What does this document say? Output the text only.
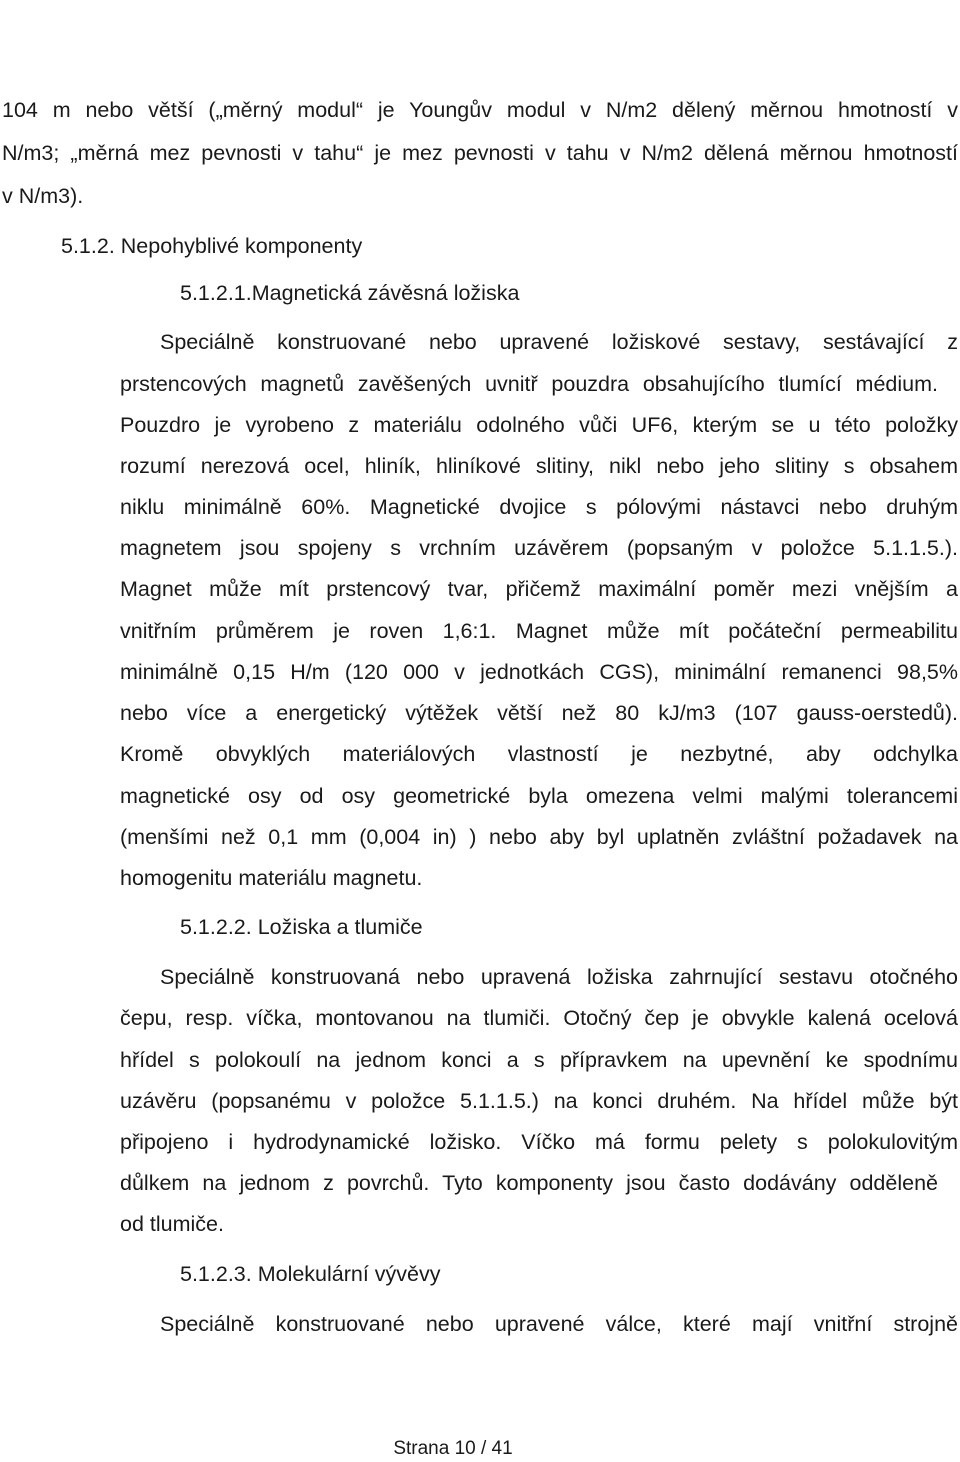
104 m nebo větší („měrný modul“ je Youngův modul v N/m2 dělený měrnou hmotností v
N/m3; „měrná mez pevnosti v tahu“ je mez pevnosti v tahu v N/m2 dělená měrnou hmotností
v N/m3).
5.1.2. Nepohyblivé komponenty
5.1.2.1.Magnetická závěsná ložiska
Speciálně konstruované nebo upravené ložiskové sestavy, sestávající z
prstencových magnetů zavěšených uvnitř pouzdra obsahujícího tlumící médium.
Pouzdro je vyrobeno z materiálu odolného vůči UF6, kterým se u této položky
rozumí nerezová ocel, hliník, hliníkové slitiny, nikl nebo jeho slitiny s obsahem
niklu minimálně 60%. Magnetické dvojice s pólovými nástavci nebo druhým
magnetem jsou spojeny s vrchním uzávěrem (popsaným v položce 5.1.1.5.).
Magnet může mít prstencový tvar, přičemž maximální poměr mezi vnějším a
vnitřním průměrem je roven 1,6:1. Magnet může mít počáteční permeabilitu
minimálně 0,15 H/m (120 000 v jednotkách CGS), minimální remanenci 98,5%
nebo více a energetický výtěžek větší než 80 kJ/m3 (107 gauss-oerstedů).
Kromě obvyklých materiálových vlastností je nezbytné, aby odchylka
magnetické osy od osy geometrické byla omezena velmi malými tolerancemi
(menšími než 0,1 mm (0,004 in) ) nebo aby byl uplatněn zvláštní požadavek na
homogenitu materiálu magnetu.
5.1.2.2. Ložiska a tlumiče
Speciálně konstruovaná nebo upravená ložiska zahrnující sestavu otočného
čepu, resp. víčka, montovanou na tlumiči. Otočný čep je obvykle kalená ocelová
hřídel s polokoulí na jednom konci a s přípravkem na upevnění ke spodnímu
uzávěru (popsanému v položce 5.1.1.5.) na konci druhém. Na hřídel může být
připojeno i hydrodynamické ložisko. Víčko má formu pelety s polokulovitým
důlkem na jednom z povrchů. Tyto komponenty jsou často dodávány odděleně
od tlumiče.
5.1.2.3. Molekulární vývěvy
Speciálně konstruované nebo upravené válce, které mají vnitřní strojně
Strana 10 / 41
